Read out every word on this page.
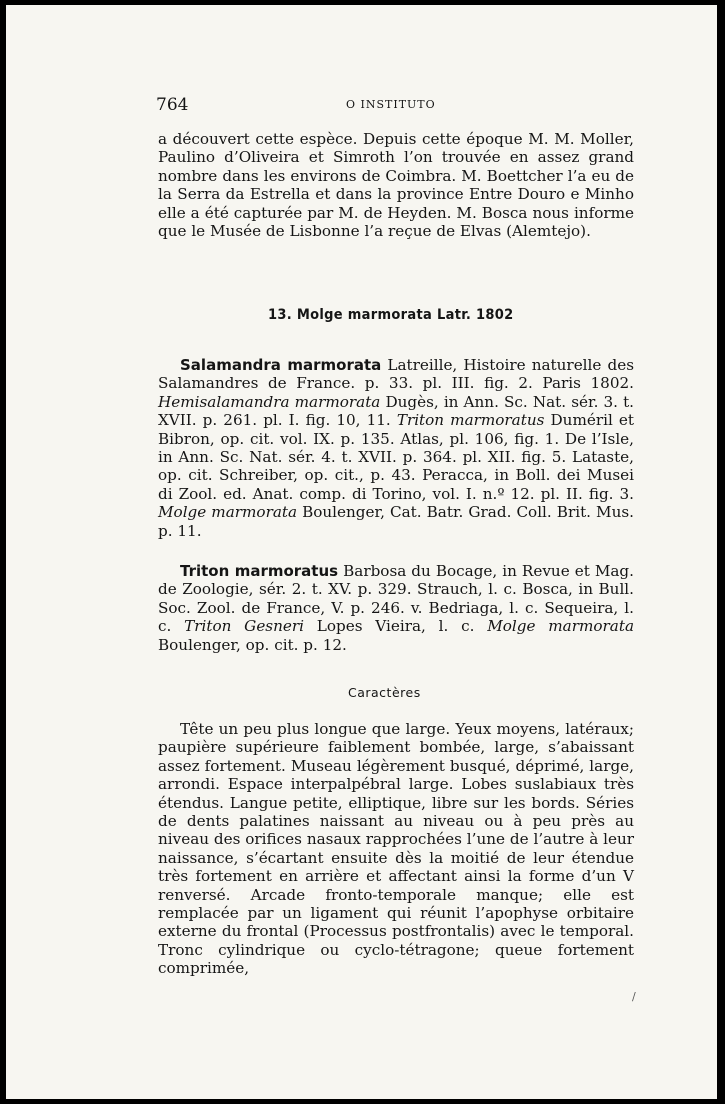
764	O INSTITUTO
a découvert cette espèce. Depuis cette époque M. M. Moller, Paulino d’Oliveira et Simroth l’on trouvée en assez grand nombre dans les environs de Coimbra. M. Boettcher l’a eu de la Serra da Estrella et dans la province Entre Douro e Minho elle a été capturée par M. de Heyden. M. Bosca nous informe que le Musée de Lisbonne l’a reçue de Elvas (Alemtejo).
13. Molge marmorata Latr. 1802
Salamandra marmorata Latreille, Histoire naturelle des Salamandres de France. p. 33. pl. III. fig. 2. Paris 1802. Hemisalamandra marmorata Dugès, in Ann. Sc. Nat. sér. 3. t. XVII. p. 261. pl. I. fig. 10, 11. Triton marmoratus Duméril et Bibron, op. cit. vol. IX. p. 135. Atlas, pl. 106, fig. 1. De l’Isle, in Ann. Sc. Nat. sér. 4. t. XVII. p. 364. pl. XII. fig. 5. Lataste, op. cit. Schreiber, op. cit., p. 43. Peracca, in Boll. dei Musei di Zool. ed. Anat. comp. di Torino, vol. I. n.º 12. pl. II. fig. 3. Molge marmorata Boulenger, Cat. Batr. Grad. Coll. Brit. Mus. p. 11.
Triton marmoratus Barbosa du Bocage, in Revue et Mag. de Zoologie, sér. 2. t. XV. p. 329. Strauch, l. c. Bosca, in Bull. Soc. Zool. de France, V. p. 246. v. Bedriaga, l. c. Sequeira, l. c. Triton Gesneri Lopes Vieira, l. c. Molge marmorata Boulenger, op. cit. p. 12.
Caractères
Tête un peu plus longue que large. Yeux moyens, latéraux; paupière supérieure faiblement bombée, large, s’abaissant assez fortement. Museau légèrement busqué, déprimé, large, arrondi. Espace interpalpébral large. Lobes suslabiaux très étendus. Langue petite, elliptique, libre sur les bords. Séries de dents palatines naissant au niveau ou à peu près au niveau des orifices nasaux rapprochées l’une de l’autre à leur naissance, s’écartant ensuite dès la moitié de leur étendue très fortement en arrière et affectant ainsi la forme d’un V renversé. Arcade fronto-temporale manque; elle est remplacée par un ligament qui réunit l’apophyse orbitaire externe du frontal (Processus postfrontalis) avec le temporal. Tronc cylindrique ou cyclo-tétragone; queue fortement comprimée,
/
